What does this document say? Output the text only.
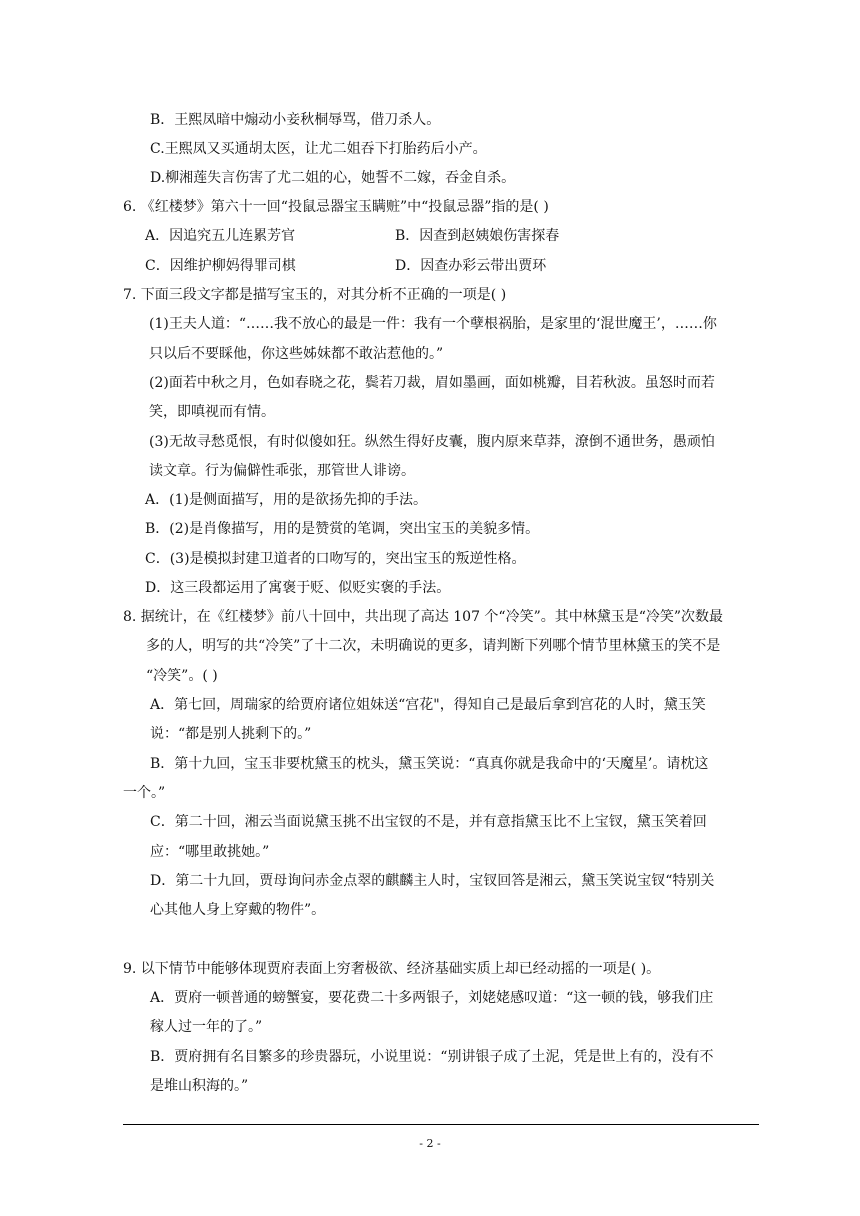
B．王熙凤暗中煽动小妾秋桐辱骂，借刀杀人。
C.王熙凤又买通胡太医，让尤二姐吞下打胎药后小产。
D.柳湘莲失言伤害了尤二姐的心，她誓不二嫁，吞金自杀。
6. 《红楼梦》第六十一回“投鼠忌器宝玉瞒赃”中“投鼠忌器”指的是( )
A．因追究五儿连累芳官	B．因查到赵姨娘伤害探春
C．因维护柳妈得罪司棋	D．因查办彩云带出贾环
7. 下面三段文字都是描写宝玉的，对其分析不正确的一项是( )
(1)王夫人道：“……我不放心的最是一件：我有一个孽根祸胎，是家里的‘混世魔王’，……你
只以后不要睬他，你这些姊妹都不敢沾惹他的。”
(2)面若中秋之月，色如春晓之花，鬓若刀裁，眉如墨画，面如桃瓣，目若秋波。虽怒时而若
笑，即嗔视而有情。
(3)无故寻愁觅恨，有时似傻如狂。纵然生得好皮囊，腹内原来草莽，潦倒不通世务，愚顽怕
读文章。行为偏僻性乖张，那管世人诽谤。
A．(1)是侧面描写，用的是欲扬先抑的手法。
B．(2)是肖像描写，用的是赞赏的笔调，突出宝玉的美貌多情。
C．(3)是模拟封建卫道者的口吻写的，突出宝玉的叛逆性格。
D．这三段都运用了寓褒于贬、似贬实褒的手法。
8. 据统计，在《红楼梦》前八十回中，共出现了高达 107 个“冷笑”。其中林黛玉是“冷笑”次数最
多的人，明写的共“冷笑”了十二次，未明确说的更多，请判断下列哪个情节里林黛玉的笑不是
“冷笑”。( )
A．第七回，周瑞家的给贾府诸位姐妹送“宫花"，得知自己是最后拿到宫花的人时，黛玉笑
说：“都是别人挑剩下的。”
B．第十九回，宝玉非要枕黛玉的枕头，黛玉笑说：“真真你就是我命中的‘天魔星’。请枕这
一个。”
C．第二十回，湘云当面说黛玉挑不出宝钗的不是，并有意指黛玉比不上宝钗，黛玉笑着回
应：“哪里敢挑她。”
D．第二十九回，贾母询问赤金点翠的麒麟主人时，宝钗回答是湘云，黛玉笑说宝钗“特别关
心其他人身上穿戴的物件”。
9. 以下情节中能够体现贾府表面上穷奢极欲、经济基础实质上却已经动摇的一项是( )。
A．贾府一顿普通的螃蟹宴，要花费二十多两银子，刘姥姥感叹道：“这一顿的钱，够我们庄
稼人过一年的了。”
B．贾府拥有名目繁多的珍贵器玩，小说里说：“别讲银子成了土泥，凭是世上有的，没有不
是堆山积海的。”
- 2 -
